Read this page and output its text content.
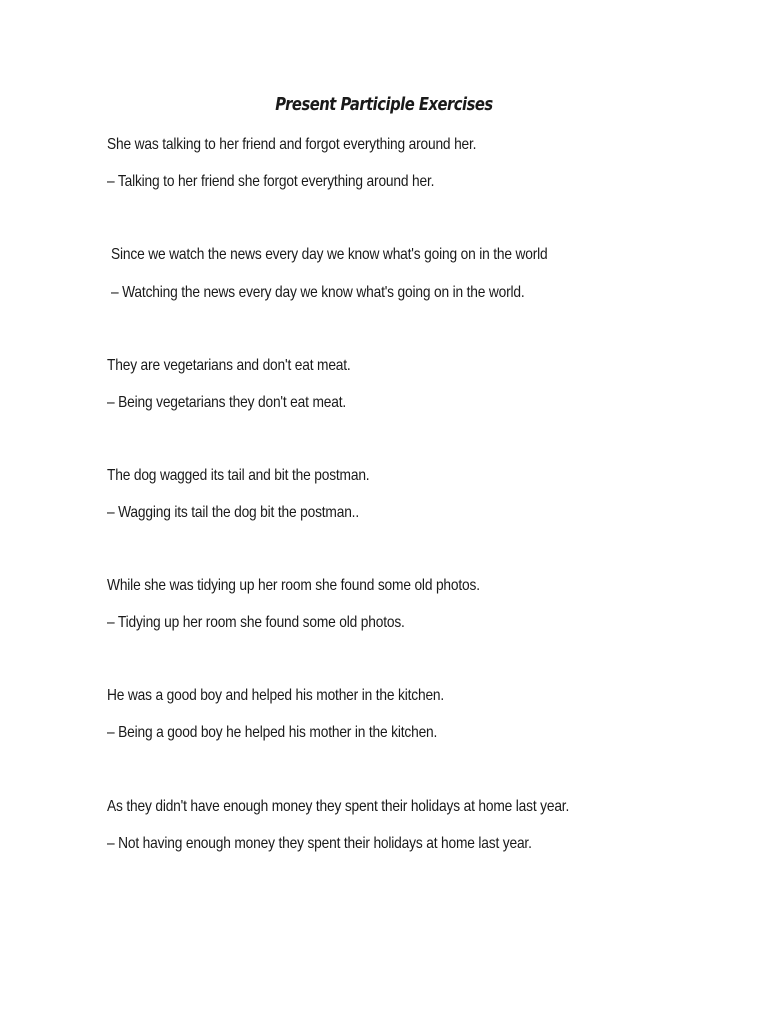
Present Participle Exercises
She was talking to her friend and forgot everything around her.
– Talking to her friend she forgot everything around her.
Since we watch the news every day we know what's going on in the world
– Watching the news every day we know what's going on in the world.
They are vegetarians and don't eat meat.
– Being vegetarians they don't eat meat.
The dog wagged its tail and bit the postman.
– Wagging its tail the dog bit the postman..
While she was tidying up her room she found some old photos.
– Tidying up her room she found some old photos.
He was a good boy and helped his mother in the kitchen.
– Being a good boy he helped his mother in the kitchen.
As they didn't have enough money they spent their holidays at home last year.
– Not having enough money they spent their holidays at home last year.
